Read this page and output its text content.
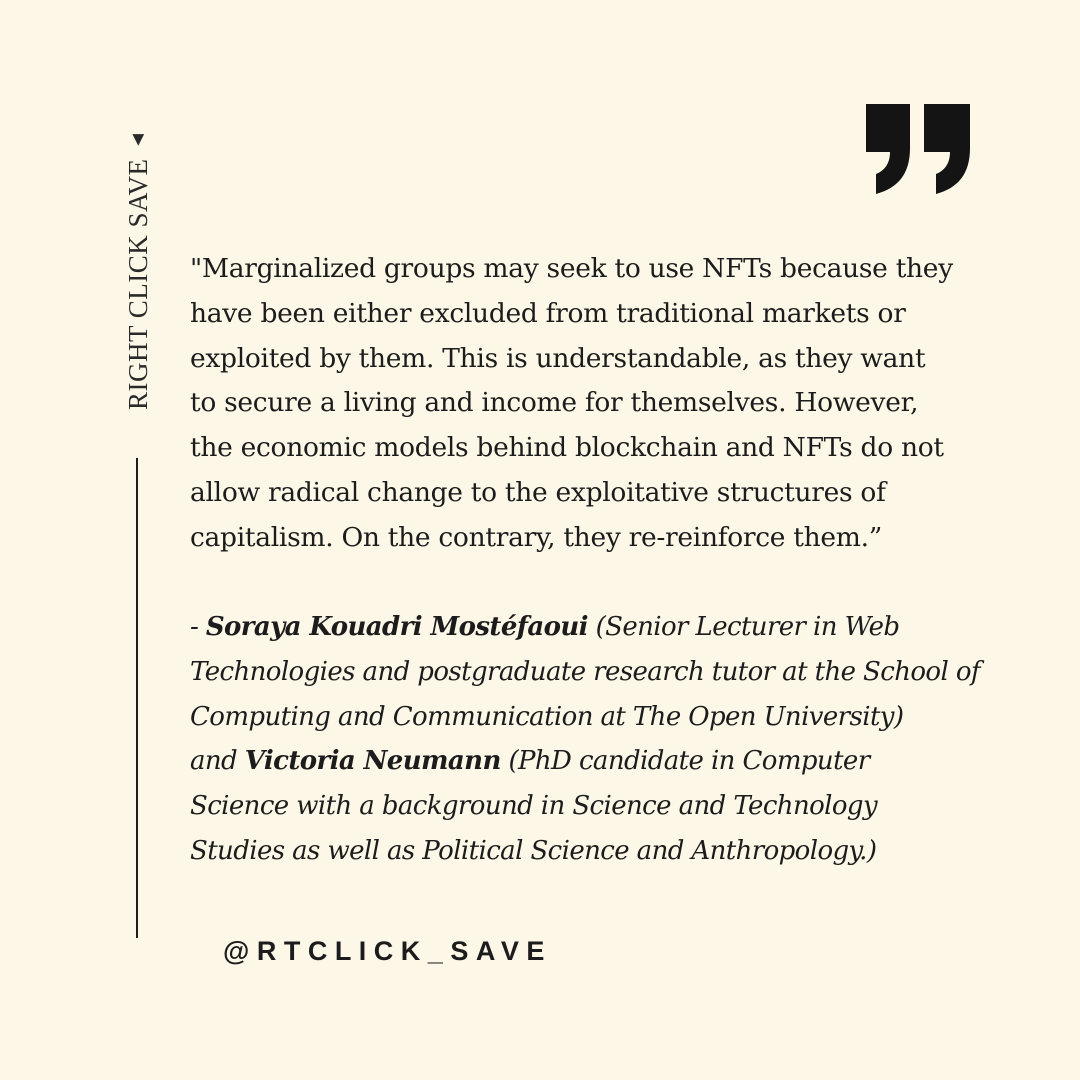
RIGHT CLICK SAVE
▼
"Marginalized groups may seek to use NFTs because they
have been either excluded from traditional markets or
exploited by them. This is understandable, as they want
to secure a living and income for themselves. However,
the economic models behind blockchain and NFTs do not
allow radical change to the exploitative structures of
capitalism. On the contrary, they re-reinforce them.”
- Soraya Kouadri Mostéfaoui (Senior Lecturer in Web
Technologies and postgraduate research tutor at the School of
Computing and Communication at The Open University)
and Victoria Neumann (PhD candidate in Computer
Science with a background in Science and Technology
Studies as well as Political Science and Anthropology.)
@RTCLICK_SAVE
